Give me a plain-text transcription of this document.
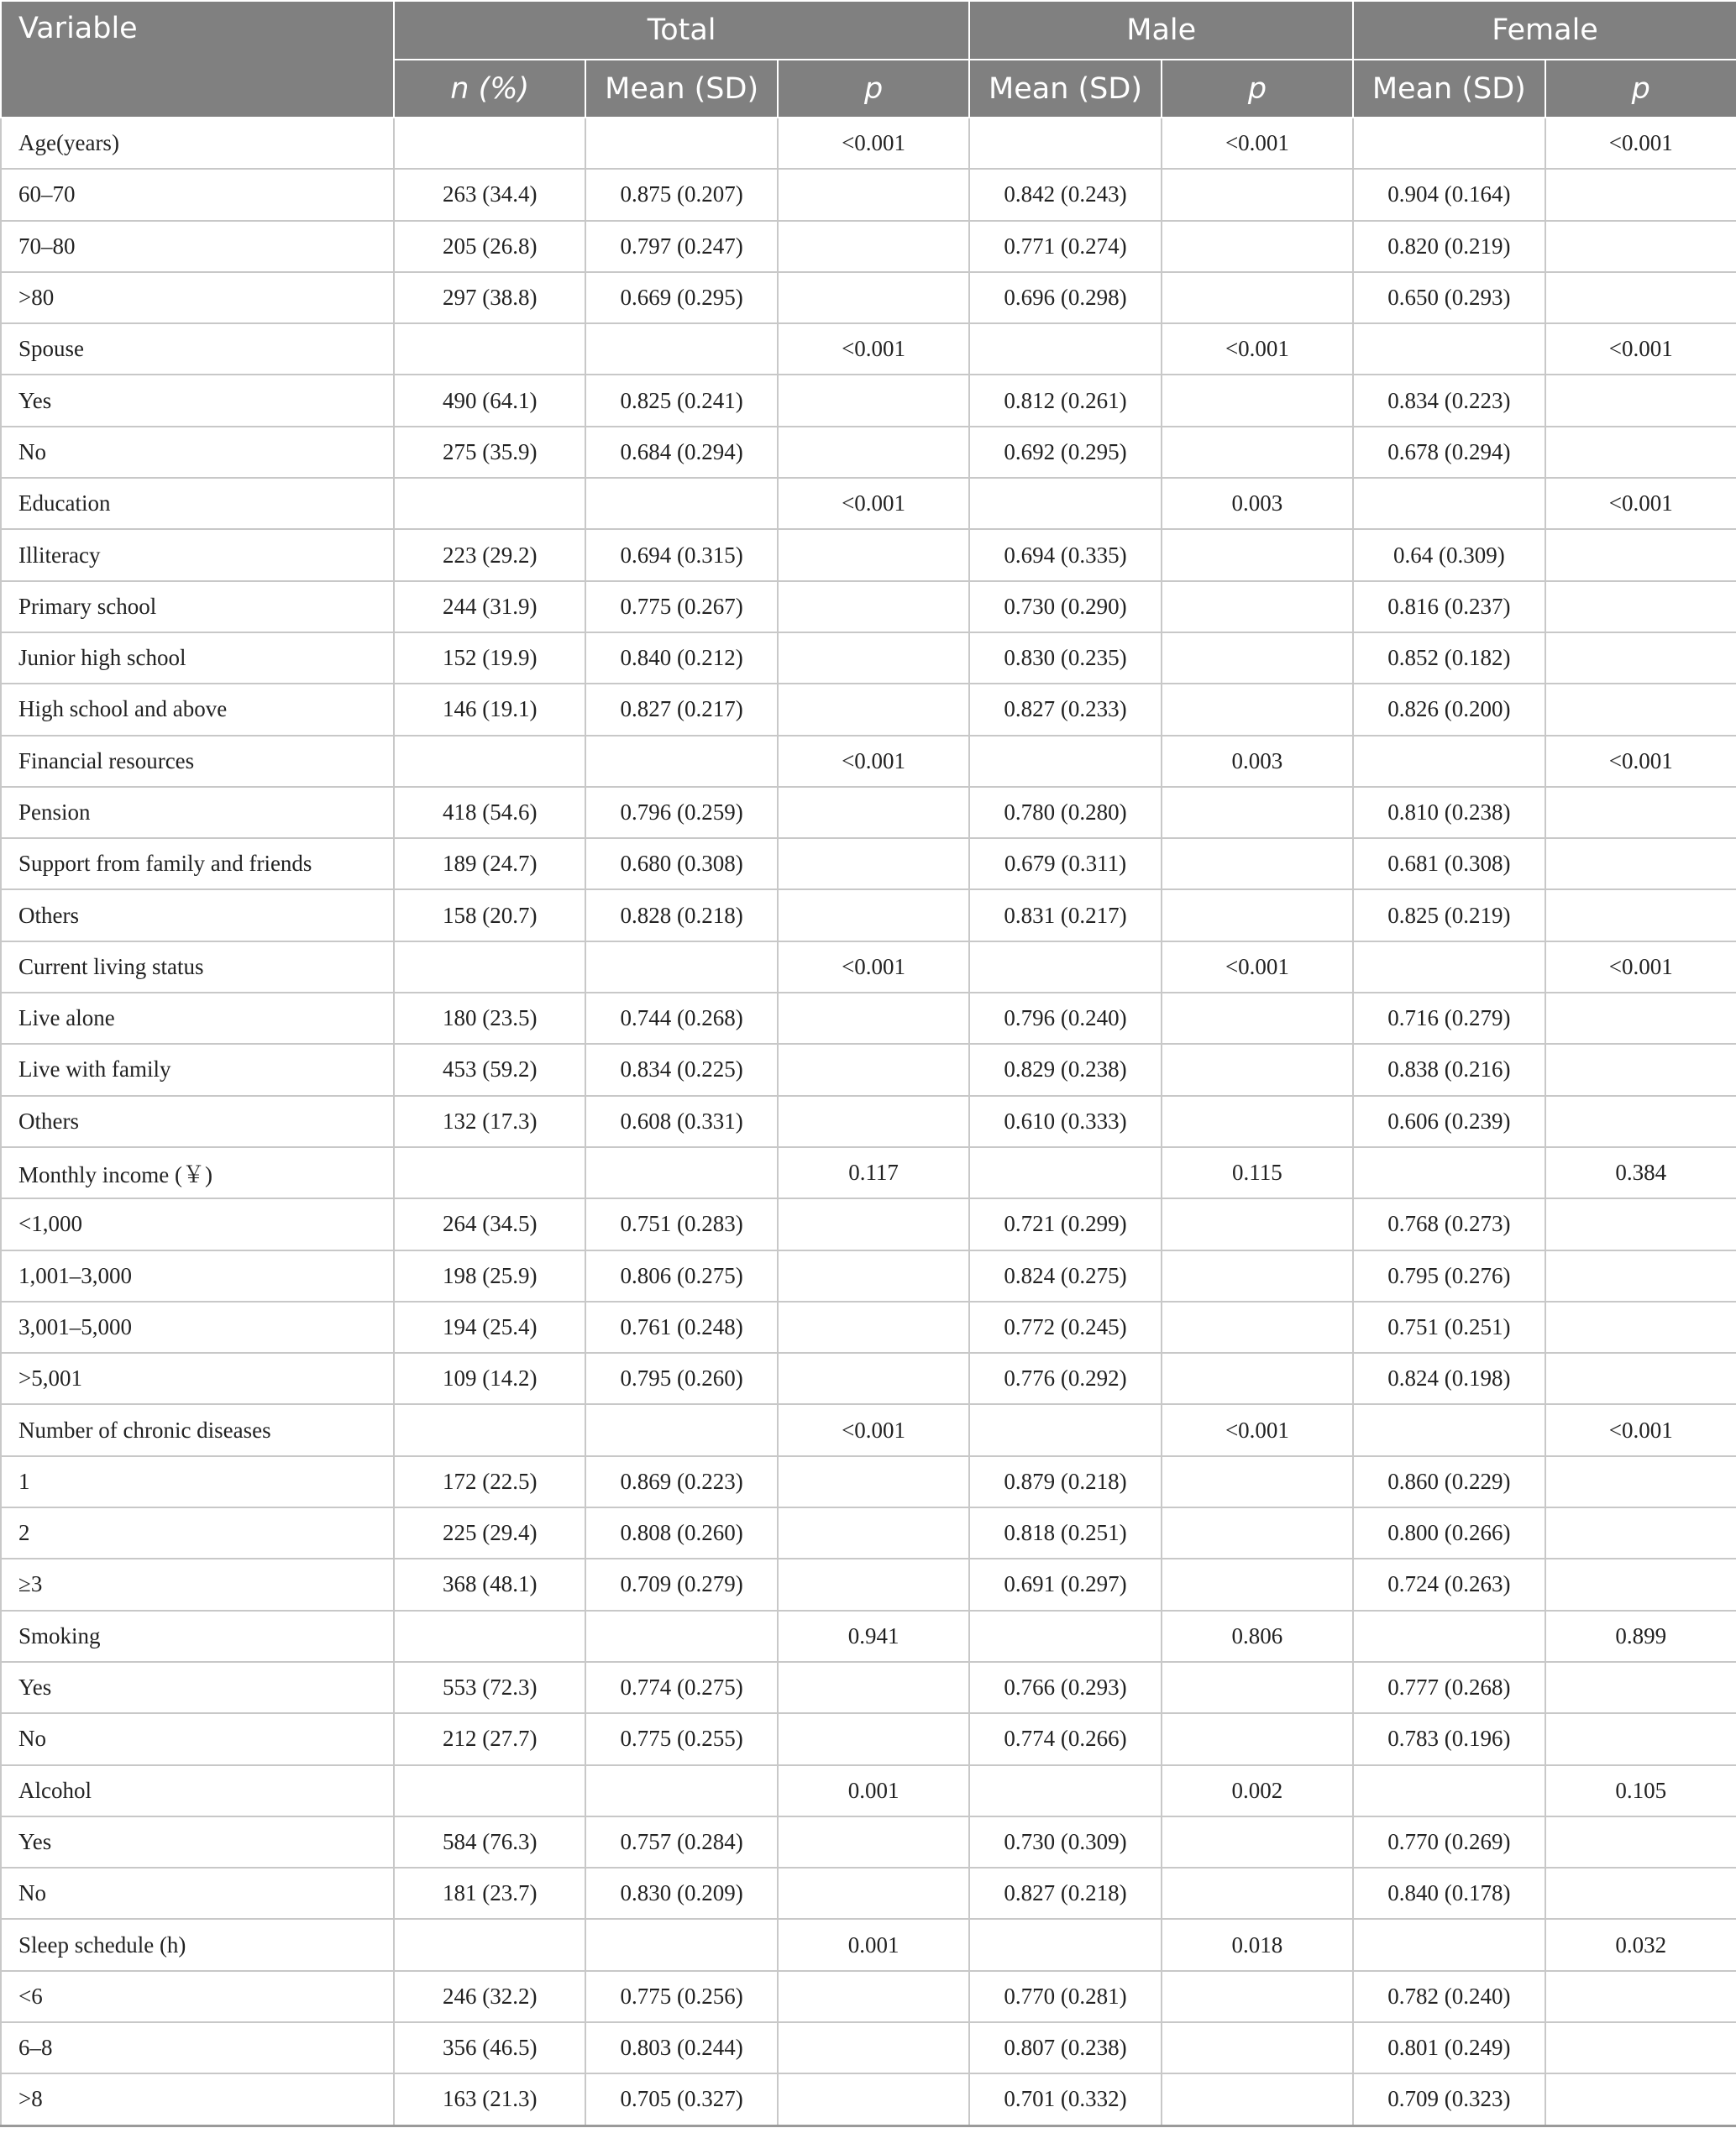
Variable	Total			Male		Female	
	n (%)	Mean (SD)	p	Mean (SD)	p	Mean (SD)	p
Age(years)			<0.001		<0.001		<0.001
60–70	263 (34.4)	0.875 (0.207)		0.842 (0.243)		0.904 (0.164)	
70–80	205 (26.8)	0.797 (0.247)		0.771 (0.274)		0.820 (0.219)	
>80	297 (38.8)	0.669 (0.295)		0.696 (0.298)		0.650 (0.293)	
Spouse			<0.001		<0.001		<0.001
Yes	490 (64.1)	0.825 (0.241)		0.812 (0.261)		0.834 (0.223)	
No	275 (35.9)	0.684 (0.294)		0.692 (0.295)		0.678 (0.294)	
Education			<0.001		0.003		<0.001
Illiteracy	223 (29.2)	0.694 (0.315)		0.694 (0.335)		0.64 (0.309)	
Primary school	244 (31.9)	0.775 (0.267)		0.730 (0.290)		0.816 (0.237)	
Junior high school	152 (19.9)	0.840 (0.212)		0.830 (0.235)		0.852 (0.182)	
High school and above	146 (19.1)	0.827 (0.217)		0.827 (0.233)		0.826 (0.200)	
Financial resources			<0.001		0.003		<0.001
Pension	418 (54.6)	0.796 (0.259)		0.780 (0.280)		0.810 (0.238)	
Support from family and friends	189 (24.7)	0.680 (0.308)		0.679 (0.311)		0.681 (0.308)	
Others	158 (20.7)	0.828 (0.218)		0.831 (0.217)		0.825 (0.219)	
Current living status			<0.001		<0.001		<0.001
Live alone	180 (23.5)	0.744 (0.268)		0.796 (0.240)		0.716 (0.279)	
Live with family	453 (59.2)	0.834 (0.225)		0.829 (0.238)		0.838 (0.216)	
Others	132 (17.3)	0.608 (0.331)		0.610 (0.333)		0.606 (0.239)	
Monthly income (￥)			0.117		0.115		0.384
<1,000	264 (34.5)	0.751 (0.283)		0.721 (0.299)		0.768 (0.273)	
1,001–3,000	198 (25.9)	0.806 (0.275)		0.824 (0.275)		0.795 (0.276)	
3,001–5,000	194 (25.4)	0.761 (0.248)		0.772 (0.245)		0.751 (0.251)	
>5,001	109 (14.2)	0.795 (0.260)		0.776 (0.292)		0.824 (0.198)	
Number of chronic diseases			<0.001		<0.001		<0.001
1	172 (22.5)	0.869 (0.223)		0.879 (0.218)		0.860 (0.229)	
2	225 (29.4)	0.808 (0.260)		0.818 (0.251)		0.800 (0.266)	
≥3	368 (48.1)	0.709 (0.279)		0.691 (0.297)		0.724 (0.263)	
Smoking			0.941		0.806		0.899
Yes	553 (72.3)	0.774 (0.275)		0.766 (0.293)		0.777 (0.268)	
No	212 (27.7)	0.775 (0.255)		0.774 (0.266)		0.783 (0.196)	
Alcohol			0.001		0.002		0.105
Yes	584 (76.3)	0.757 (0.284)		0.730 (0.309)		0.770 (0.269)	
No	181 (23.7)	0.830 (0.209)		0.827 (0.218)		0.840 (0.178)	
Sleep schedule (h)			0.001		0.018		0.032
<6	246 (32.2)	0.775 (0.256)		0.770 (0.281)		0.782 (0.240)	
6–8	356 (46.5)	0.803 (0.244)		0.807 (0.238)		0.801 (0.249)	
>8	163 (21.3)	0.705 (0.327)		0.701 (0.332)		0.709 (0.323)	
